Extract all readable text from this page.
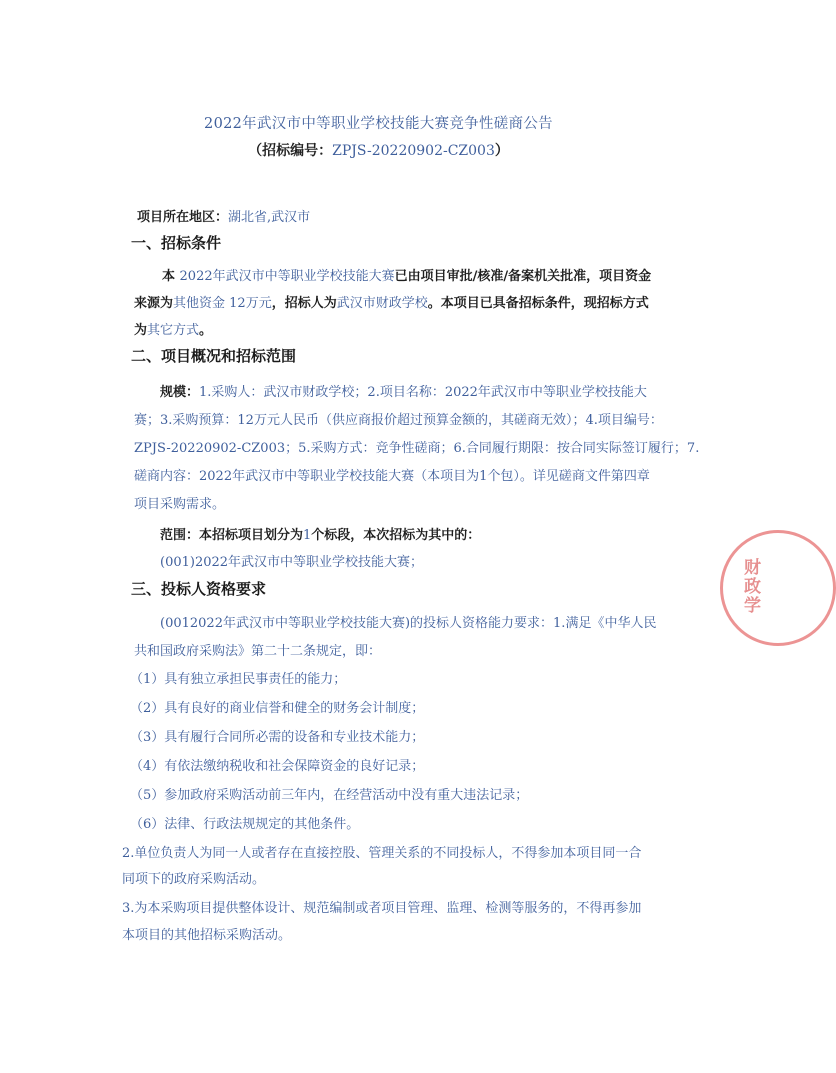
2022年武汉市中等职业学校技能大赛竞争性磋商公告
（招标编号：ZPJS-20220902-CZ003）
项目所在地区：湖北省,武汉市
一、招标条件
本 2022年武汉市中等职业学校技能大赛已由项目审批/核准/备案机关批准，项目资金
来源为其他资金 12万元，招标人为武汉市财政学校。本项目已具备招标条件，现招标方式
为其它方式。
二、项目概况和招标范围
规模：1.采购人：武汉市财政学校；2.项目名称：2022年武汉市中等职业学校技能大
赛；3.采购预算：12万元人民币（供应商报价超过预算金额的，其磋商无效）；4.项目编号：
ZPJS-20220902-CZ003；5.采购方式：竞争性磋商；6.合同履行期限：按合同实际签订履行；7.
磋商内容：2022年武汉市中等职业学校技能大赛（本项目为1个包）。详见磋商文件第四章
项目采购需求。
范围：本招标项目划分为1个标段，本次招标为其中的：
(001)2022年武汉市中等职业学校技能大赛；
三、投标人资格要求
(0012022年武汉市中等职业学校技能大赛)的投标人资格能力要求：1.满足《中华人民
共和国政府采购法》第二十二条规定，即：
（1）具有独立承担民事责任的能力；
（2）具有良好的商业信誉和健全的财务会计制度；
（3）具有履行合同所必需的设备和专业技术能力；
（4）有依法缴纳税收和社会保障资金的良好记录；
（5）参加政府采购活动前三年内，在经营活动中没有重大违法记录；
（6）法律、行政法规规定的其他条件。
2.单位负责人为同一人或者存在直接控股、管理关系的不同投标人，不得参加本项目同一合
同项下的政府采购活动。
3.为本采购项目提供整体设计、规范编制或者项目管理、监理、检测等服务的，不得再参加
本项目的其他招标采购活动。
财政学
